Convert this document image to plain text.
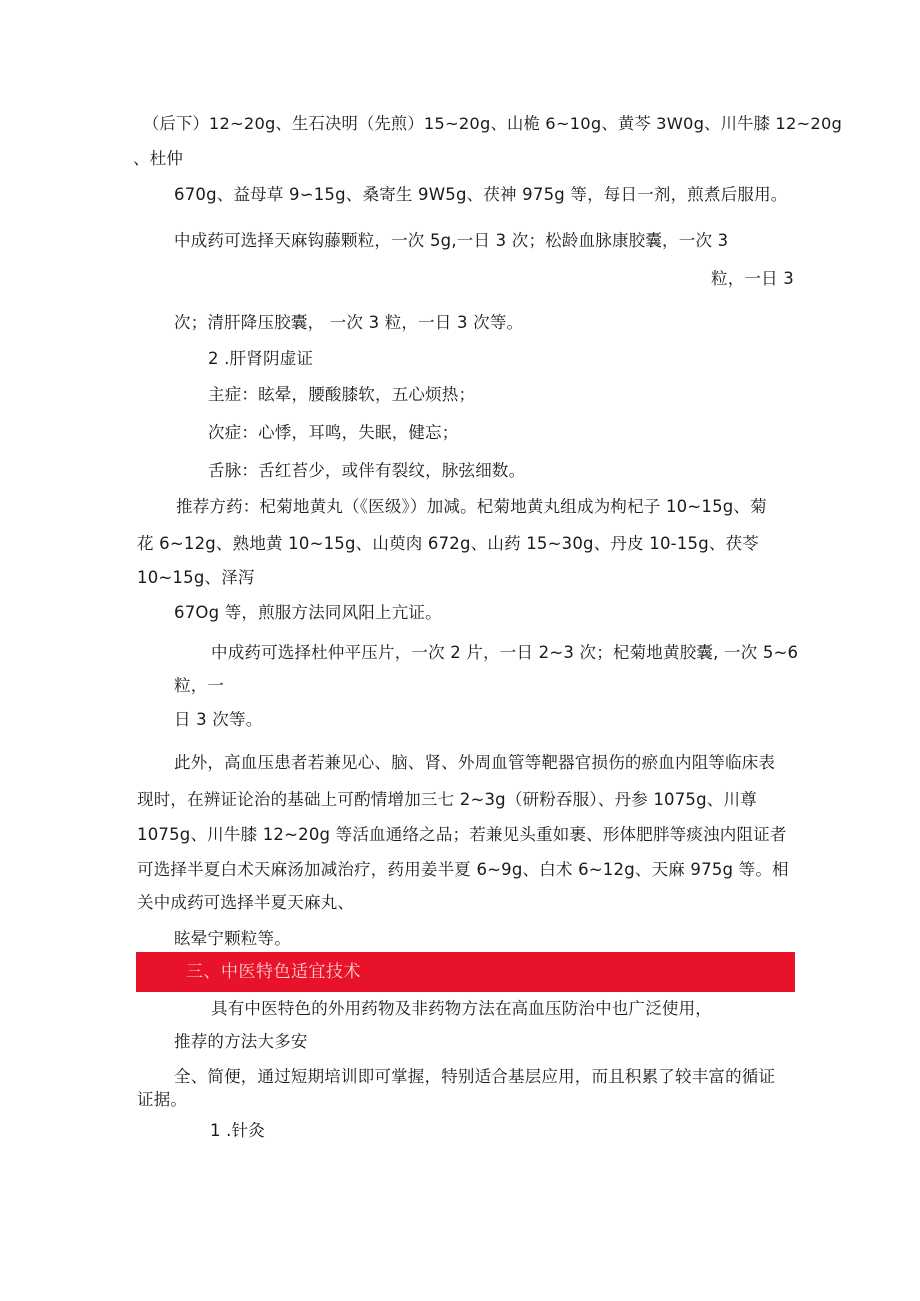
（后下）12~20g、生石决明（先煎）15~20g、山桅 6~10g、黄芩 3W0g、川牛膝 12~20g
、杜仲
670g、益母草 9∽15g、桑寄生 9W5g、茯神 975g 等，每日一剂，煎煮后服用。
中成药可选择天麻钩藤颗粒，一次 5g,一日 3 次；松龄血脉康胶囊，一次 3
粒，一日 3
次；清肝降压胶囊， 一次 3 粒，一日 3 次等。
2 .肝肾阴虚证
主症：眩晕，腰酸膝软，五心烦热；
次症：心悸，耳鸣，失眠，健忘；
舌脉：舌红苔少，或伴有裂纹，脉弦细数。
推荐方药：杞菊地黄丸（《医级》）加减。杞菊地黄丸组成为枸杞子 10~15g、菊
花 6~12g、熟地黄 10~15g、山萸肉 672g、山药 15~30g、丹皮 10-15g、茯苓
10~15g、泽泻
67Og 等，煎服方法同风阳上亢证。
中成药可选择杜仲平压片，一次 2 片，一日 2~3 次；杞菊地黄胶囊, 一次 5~6
粒，一
日 3 次等。
此外，高血压患者若兼见心、脑、肾、外周血管等靶器官损伤的瘀血内阻等临床表
现时，在辨证论治的基础上可酌情增加三七 2~3g（研粉吞服）、丹参 1075g、川尊
1075g、川牛膝 12~20g 等活血通络之品；若兼见头重如裹、形体肥胖等痰浊内阻证者
可选择半夏白术天麻汤加减治疗，药用姜半夏 6~9g、白术 6~12g、天麻 975g 等。相
关中成药可选择半夏天麻丸、
眩晕宁颗粒等。
三、中医特色适宜技术
具有中医特色的外用药物及非药物方法在高血压防治中也广泛使用，
推荐的方法大多安
全、简便，通过短期培训即可掌握，特别适合基层应用，而且积累了较丰富的循证
证据。
1 .针灸
